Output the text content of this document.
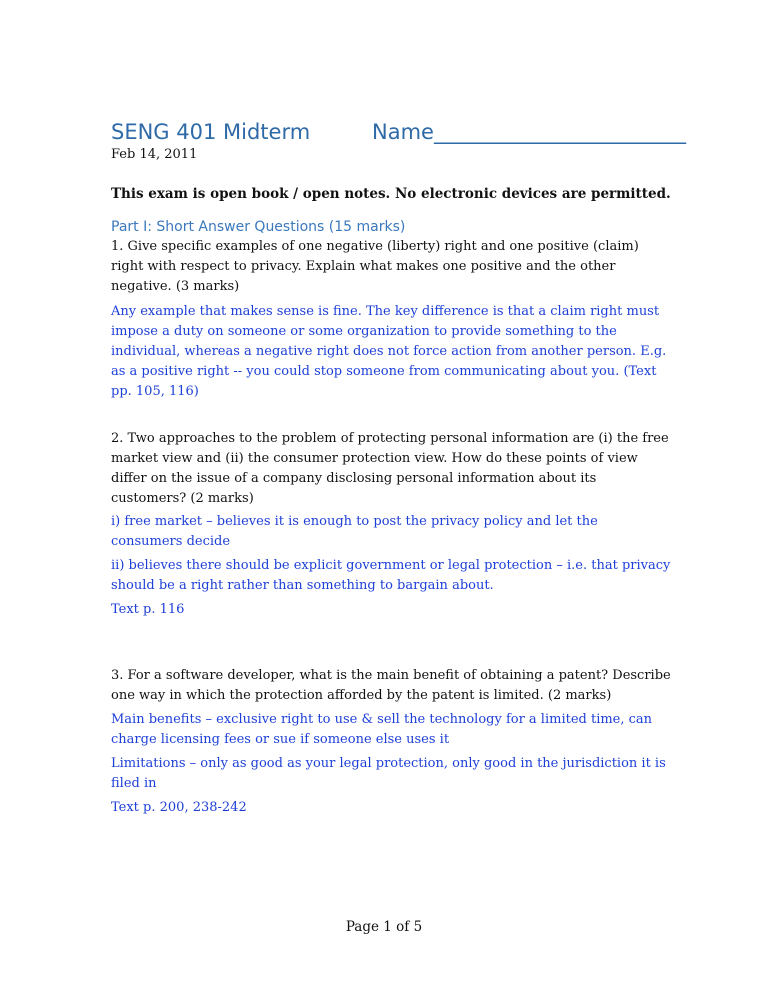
SENG 401 Midterm	Name________________________
Feb 14, 2011
This exam is open book / open notes. No electronic devices are permitted.
Part I: Short Answer Questions (15 marks)

1. Give specific examples of one negative (liberty) right and one positive (claim) right with respect to privacy. Explain what makes one positive and the other negative. (3 marks)

Any example that makes sense is fine. The key difference is that a claim right must impose a duty on someone or some organization to provide something to the individual, whereas a negative right does not force action from another person. E.g. as a positive right -- you could stop someone from communicating about you. (Text pp. 105, 116)

2. Two approaches to the problem of protecting personal information are (i) the free market view and (ii) the consumer protection view. How do these points of view differ on the issue of a company disclosing personal information about its customers? (2 marks)

i) free market – believes it is enough to post the privacy policy and let the consumers decide

ii) believes there should be explicit government or legal protection – i.e. that privacy should be a right rather than something to bargain about.

Text p. 116

3. For a software developer, what is the main benefit of obtaining a patent? Describe one way in which the protection afforded by the patent is limited. (2 marks)

Main benefits – exclusive right to use & sell the technology for a limited time, can charge licensing fees or sue if someone else uses it

Limitations – only as good as your legal protection, only good in the jurisdiction it is filed in

Text p. 200, 238-242

Page 1 of 5
